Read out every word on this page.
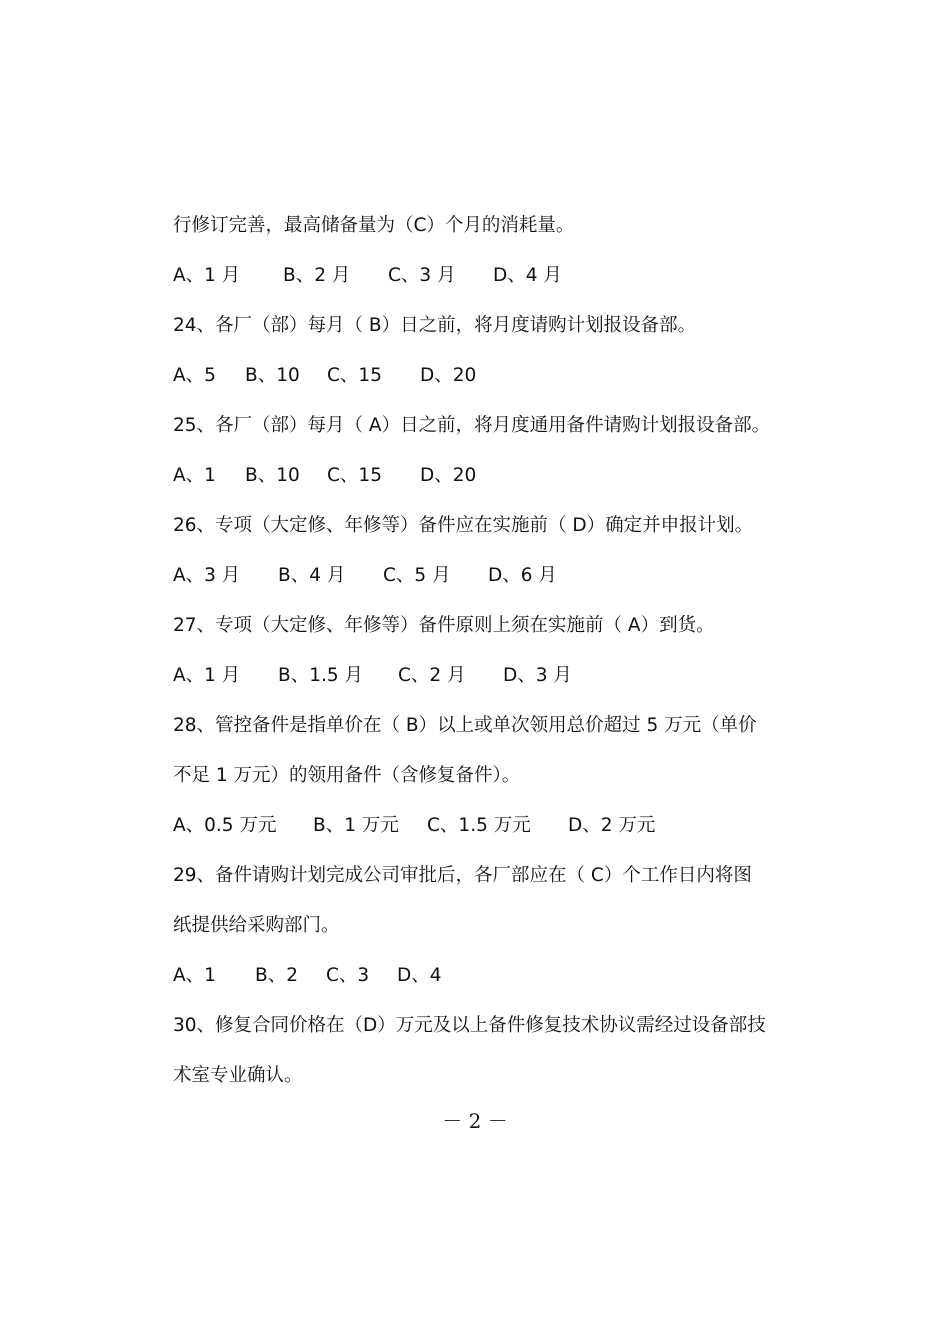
行修订完善，最高储备量为（C）个月的消耗量。
A、1 月	B、2 月	C、3 月	D、4 月
24、各厂（部）每月（ B）日之前，将月度请购计划报设备部。
A、5	B、10	C、15	D、20
25、各厂（部）每月（ A）日之前，将月度通用备件请购计划报设备部。
A、1	B、10	C、15	D、20
26、专项（大定修、年修等）备件应在实施前（ D）确定并申报计划。
A、3 月	B、4 月	C、5 月	D、6 月
27、专项（大定修、年修等）备件原则上须在实施前（ A）到货。
A、1 月	B、1.5 月	C、2 月	D、3 月
28、管控备件是指单价在（ B）以上或单次领用总价超过 5 万元（单价
不足 1 万元）的领用备件（含修复备件）。
A、0.5 万元	B、1 万元	C、1.5 万元	D、2 万元
29、备件请购计划完成公司审批后，各厂部应在（ C）个工作日内将图
纸提供给采购部门。
A、1	B、2	C、3	D、4
30、修复合同价格在（D）万元及以上备件修复技术协议需经过设备部技
术室专业确认。
－ 2 －
